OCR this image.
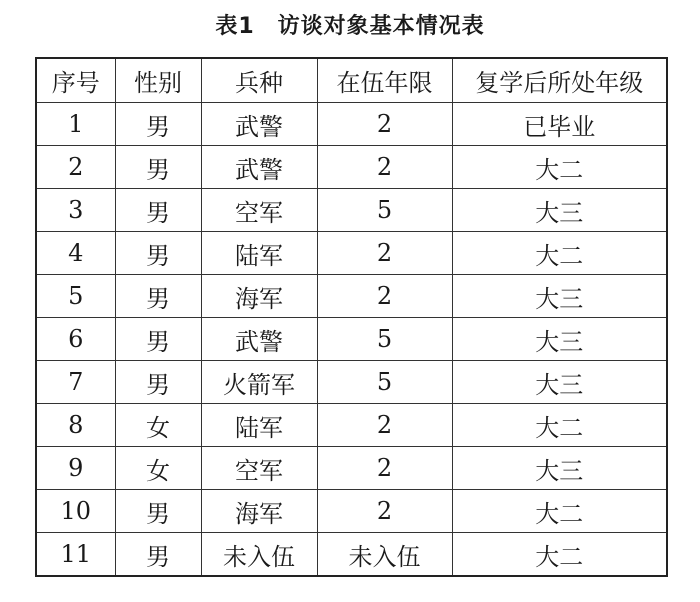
表1　访谈对象基本情况表
序号	性别	兵种	在伍年限	复学后所处年级
1	男	武警	2	已毕业
2	男	武警	2	大二
3	男	空军	5	大三
4	男	陆军	2	大二
5	男	海军	2	大三
6	男	武警	5	大三
7	男	火箭军	5	大三
8	女	陆军	2	大二
9	女	空军	2	大三
10	男	海军	2	大二
11	男	未入伍	未入伍	大二
